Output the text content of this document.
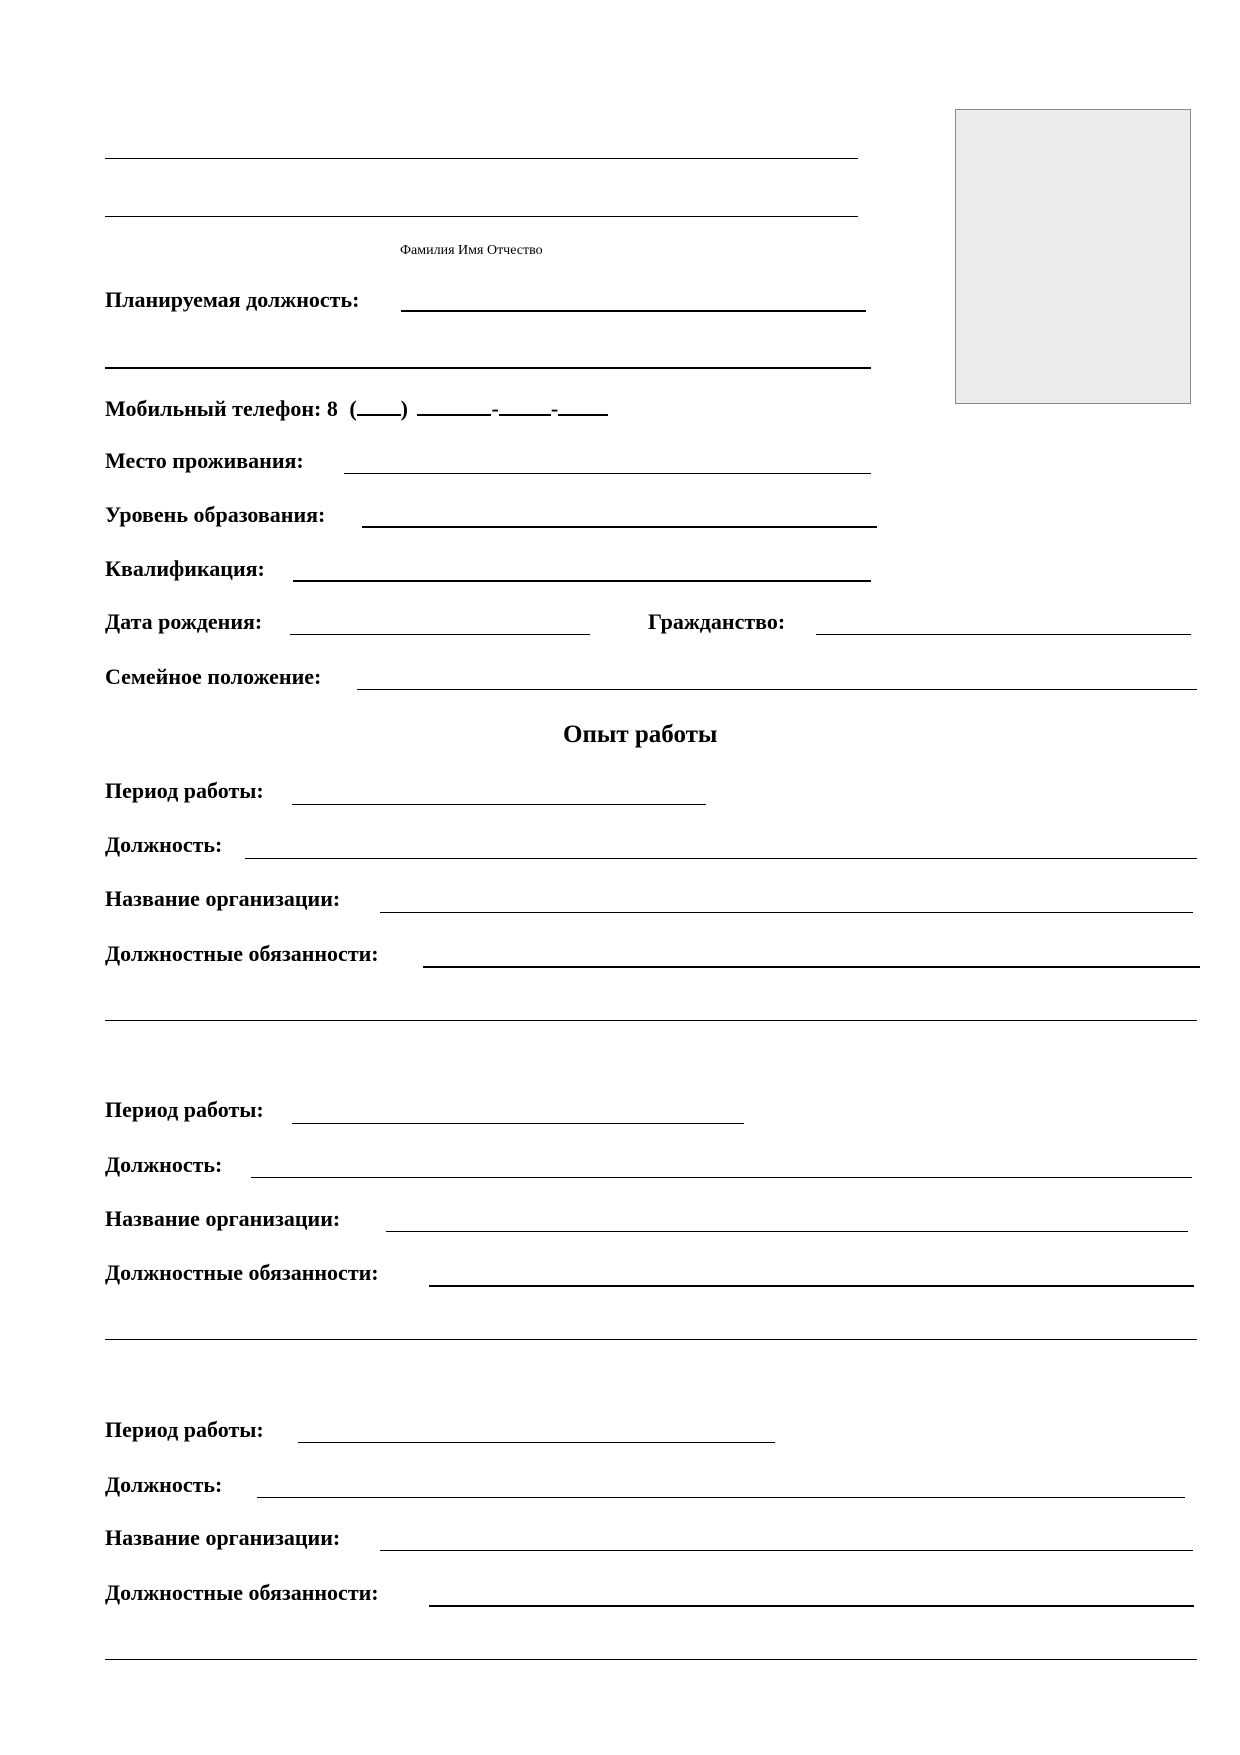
Фамилия Имя Отчество
Планируемая должность:
Мобильный телефон: 8 ( )	- -
Место проживания:
Уровень образования:
Квалификация:
Дата рождения:	Гражданство:
Семейное положение:
Опыт работы
Период работы:
Должность:
Название организации:
Должностные обязанности:
Период работы:
Должность:
Название организации:
Должностные обязанности:
Период работы:
Должность:
Название организации:
Должностные обязанности:
